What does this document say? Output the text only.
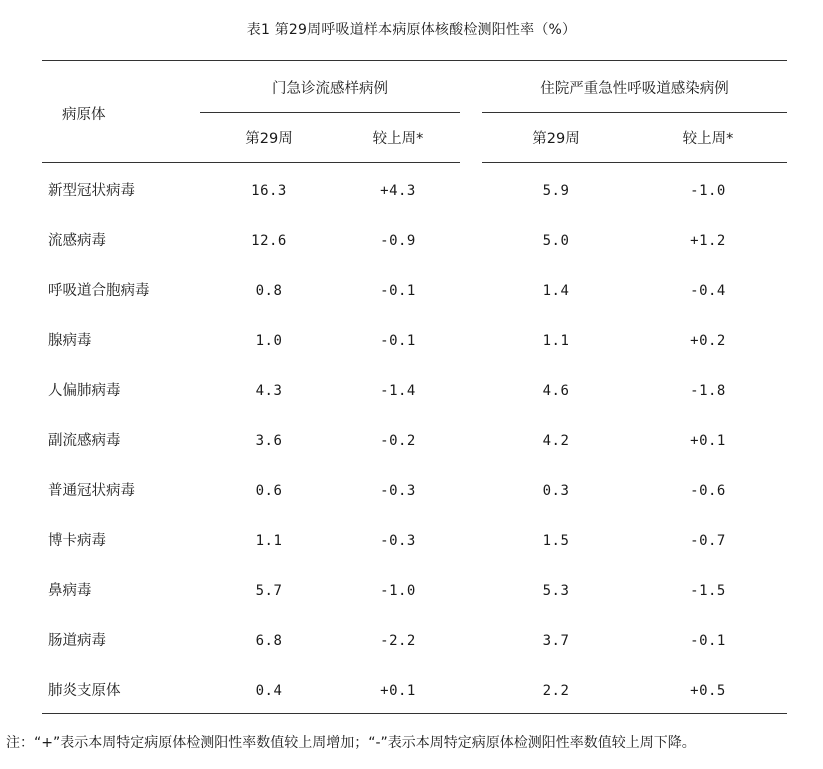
表1 第29周呼吸道样本病原体核酸检测阳性率（%）
病原体
门急诊流感样病例	住院严重急性呼吸道感染病例
第29周	较上周*	第29周	较上周*
新型冠状病毒	16.3	+4.3	5.9	-1.0
流感病毒	12.6	-0.9	5.0	+1.2
呼吸道合胞病毒	0.8	-0.1	1.4	-0.4
腺病毒	1.0	-0.1	1.1	+0.2
人偏肺病毒	4.3	-1.4	4.6	-1.8
副流感病毒	3.6	-0.2	4.2	+0.1
普通冠状病毒	0.6	-0.3	0.3	-0.6
博卡病毒	1.1	-0.3	1.5	-0.7
鼻病毒	5.7	-1.0	5.3	-1.5
肠道病毒	6.8	-2.2	3.7	-0.1
肺炎支原体	0.4	+0.1	2.2	+0.5
注：“+”表示本周特定病原体检测阳性率数值较上周增加；“-”表示本周特定病原体检测阳性率数值较上周下降。
